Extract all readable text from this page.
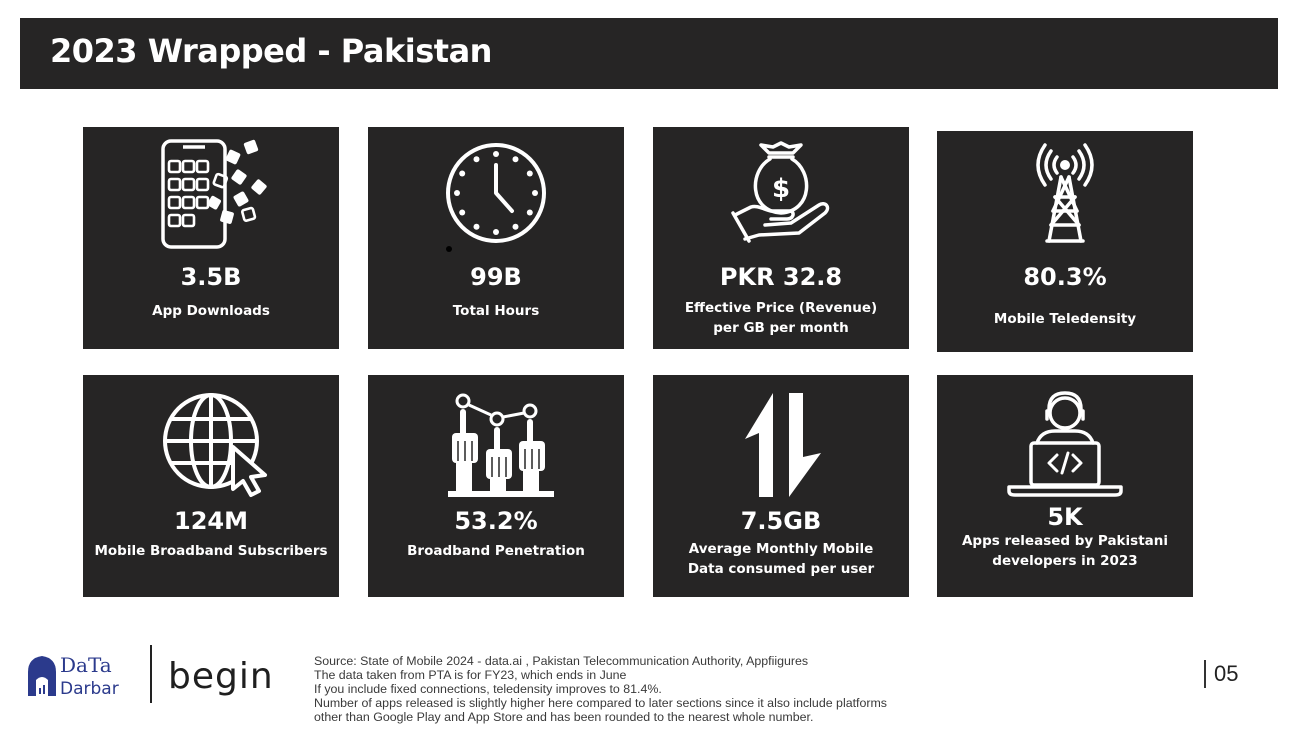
2023 Wrapped - Pakistan
3.5B
App Downloads
99B
Total Hours
$
PKR 32.8
Effective Price (Revenue)
per GB per month
80.3%
Mobile Teledensity
124M
Mobile Broadband Subscribers
53.2%
Broadband Penetration
7.5GB
Average Monthly Mobile
Data consumed per user
5K
Apps released by Pakistani
developers in 2023
DaTa
Darbar begin	Source: State of Mobile 2024 - data.ai , Pakistan Telecommunication Authority, Appfiigures
The data taken from PTA is for FY23, which ends in June
If you include fixed connections, teledensity improves to 81.4%.
Number of apps released is slightly higher here compared to later sections since it also include platforms
other than Google Play and App Store and has been rounded to the nearest whole number.
05
